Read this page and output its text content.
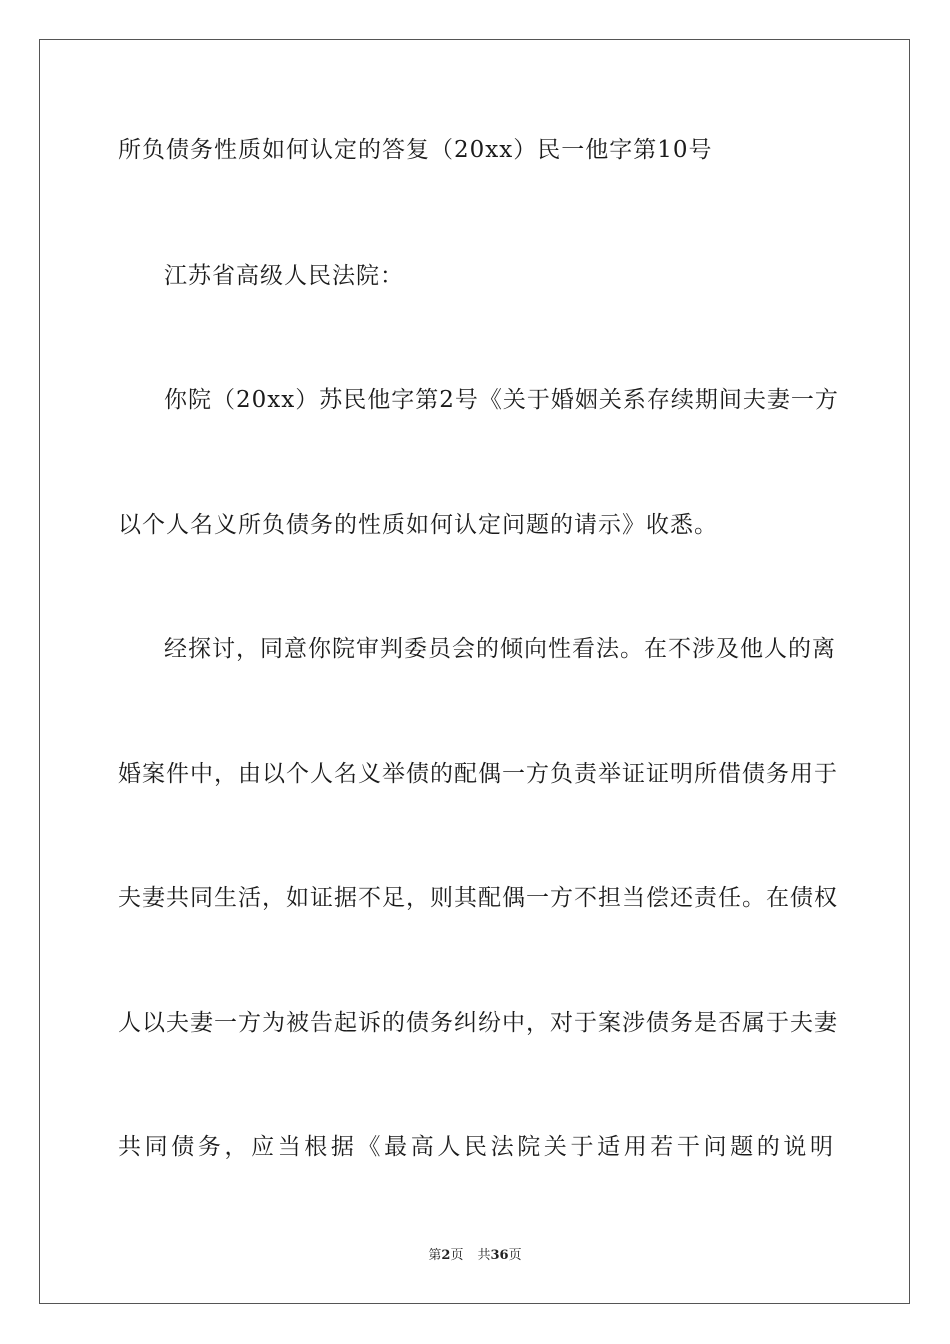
所负债务性质如何认定的答复（20xx）民一他字第10号
江苏省高级人民法院：
你院（20xx）苏民他字第2号《关于婚姻关系存续期间夫妻一方
以个人名义所负债务的性质如何认定问题的请示》收悉。
经探讨，同意你院审判委员会的倾向性看法。在不涉及他人的离
婚案件中，由以个人名义举债的配偶一方负责举证证明所借债务用于
夫妻共同生活，如证据不足，则其配偶一方不担当偿还责任。在债权
人以夫妻一方为被告起诉的债务纠纷中，对于案涉债务是否属于夫妻
共同债务，应当根据《最高人民法院关于适用若干问题的说明
第2页 共36页
